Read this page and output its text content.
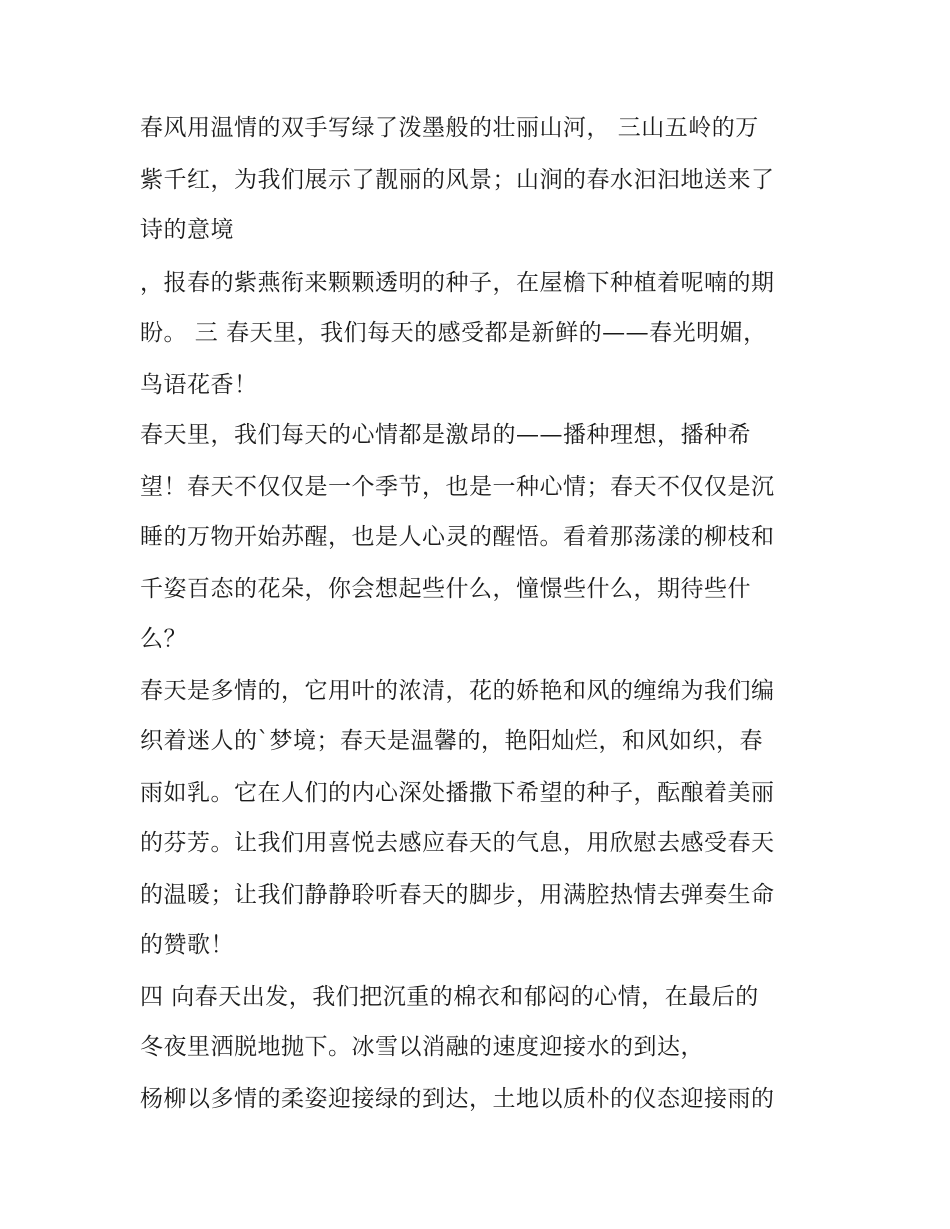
春风用温情的双手写绿了泼墨般的壮丽山河， 三山五岭的万
紫千红，为我们展示了靓丽的风景；山涧的春水汩汩地送来了
诗的意境
，报春的紫燕衔来颗颗透明的种子，在屋檐下种植着呢喃的期
盼。 三 春天里，我们每天的感受都是新鲜的——春光明媚，
鸟语花香！
春天里，我们每天的心情都是激昂的——播种理想，播种希
望！春天不仅仅是一个季节，也是一种心情；春天不仅仅是沉
睡的万物开始苏醒，也是人心灵的醒悟。看着那荡漾的柳枝和
千姿百态的花朵，你会想起些什么，憧憬些什么，期待些什
么？
春天是多情的，它用叶的浓清，花的娇艳和风的缠绵为我们编
织着迷人的`梦境；春天是温馨的，艳阳灿烂，和风如织，春
雨如乳。它在人们的内心深处播撒下希望的种子，酝酿着美丽
的芬芳。让我们用喜悦去感应春天的气息，用欣慰去感受春天
的温暖；让我们静静聆听春天的脚步，用满腔热情去弹奏生命
的赞歌！
四 向春天出发，我们把沉重的棉衣和郁闷的心情，在最后的
冬夜里洒脱地抛下。冰雪以消融的速度迎接水的到达，
杨柳以多情的柔姿迎接绿的到达，土地以质朴的仪态迎接雨的
